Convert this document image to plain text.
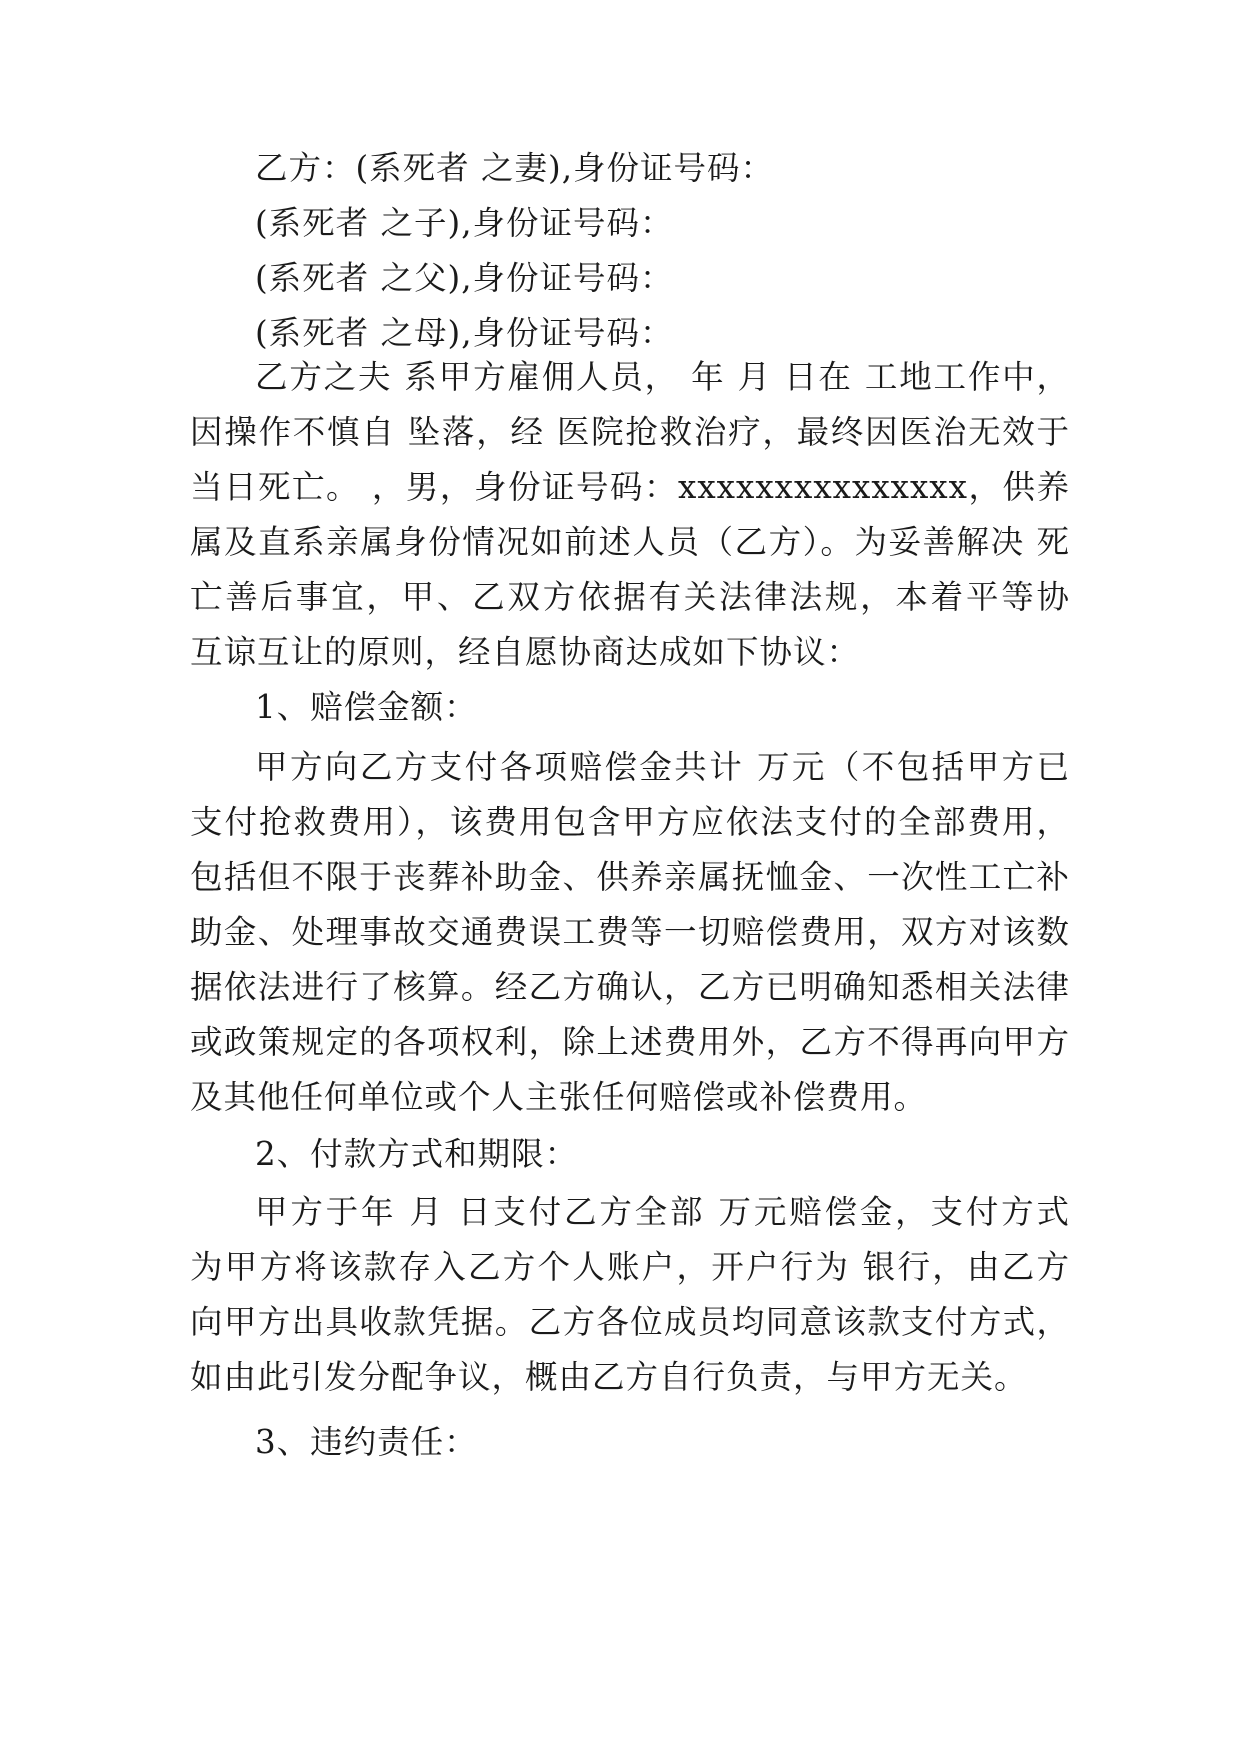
乙方：(系死者 之妻),身份证号码：
(系死者 之子),身份证号码：
(系死者 之父),身份证号码：
(系死者 之母),身份证号码：
乙方之夫 系甲方雇佣人员， 年 月 日在 工地工作中，
因操作不慎自 坠落，经 医院抢救治疗，最终因医治无效于
当日死亡。 ，男，身份证号码：xxxxxxxxxxxxxxx，供养
属及直系亲属身份情况如前述人员（乙方）。为妥善解决 死
亡善后事宜，甲、乙双方依据有关法律法规，本着平等协
互谅互让的原则，经自愿协商达成如下协议：
1、赔偿金额：
甲方向乙方支付各项赔偿金共计 万元（不包括甲方已
支付抢救费用），该费用包含甲方应依法支付的全部费用，
包括但不限于丧葬补助金、供养亲属抚恤金、一次性工亡补
助金、处理事故交通费误工费等一切赔偿费用，双方对该数
据依法进行了核算。经乙方确认，乙方已明确知悉相关法律
或政策规定的各项权利，除上述费用外，乙方不得再向甲方
及其他任何单位或个人主张任何赔偿或补偿费用。
2、付款方式和期限：
甲方于年 月 日支付乙方全部 万元赔偿金，支付方式
为甲方将该款存入乙方个人账户，开户行为 银行，由乙方
向甲方出具收款凭据。乙方各位成员均同意该款支付方式，
如由此引发分配争议，概由乙方自行负责，与甲方无关。
3、违约责任：
